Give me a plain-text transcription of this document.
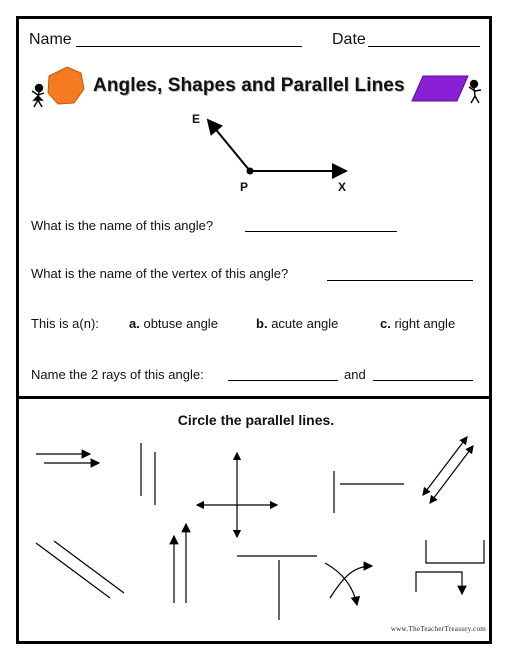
Name	Date
Angles, Shapes and Parallel Lines
E
P	X
What is the name of this angle?
What is the name of the vertex of this angle?
This is a(n): a. obtuse angle	b. acute angle	c. right angle
Name the 2 rays of this angle:	and
Circle the parallel lines.
www.TheTeacherTreasury.com
